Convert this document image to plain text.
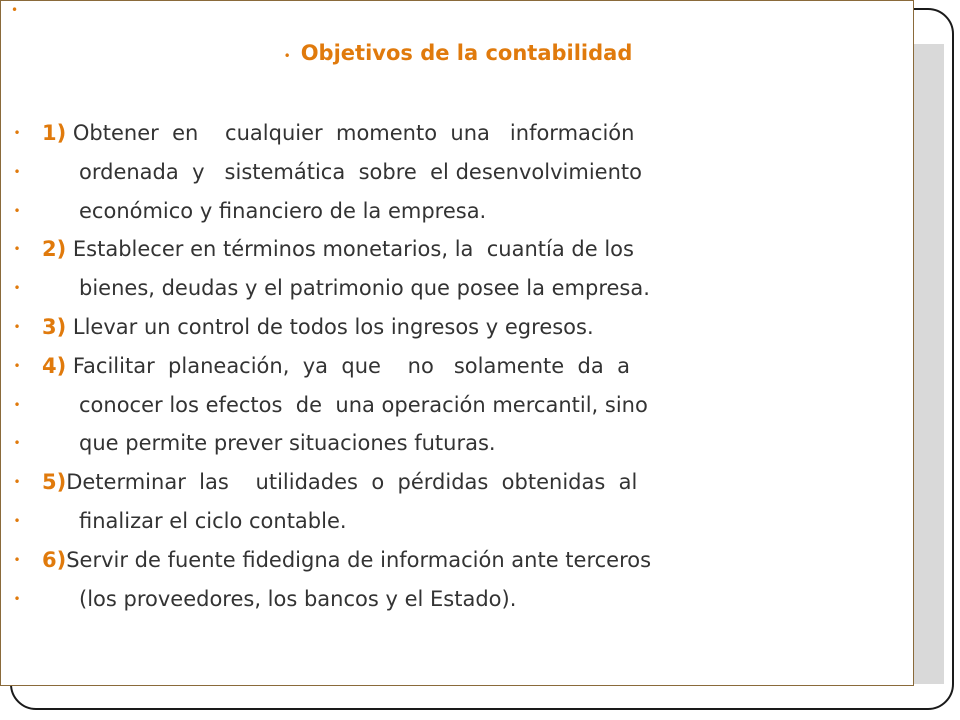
•
• Objetivos de la contabilidad
• 1) Obtener  en    cualquier  momento  una   información
•	ordenada  y   sistemática  sobre  el desenvolvimiento
•	económico y financiero de la empresa.
• 2) Establecer en términos monetarios, la  cuantía de los
•	bienes, deudas y el patrimonio que posee la empresa.
• 3) Llevar un control de todos los ingresos y egresos.
• 4) Facilitar  planeación,  ya  que    no   solamente  da  a
•	conocer los efectos  de  una operación mercantil, sino
•	que permite prever situaciones futuras.
• 5)Determinar  las    utilidades  o  pérdidas  obtenidas  al
•	finalizar el ciclo contable.
• 6)Servir de fuente fidedigna de información ante terceros
•	(los proveedores, los bancos y el Estado).
